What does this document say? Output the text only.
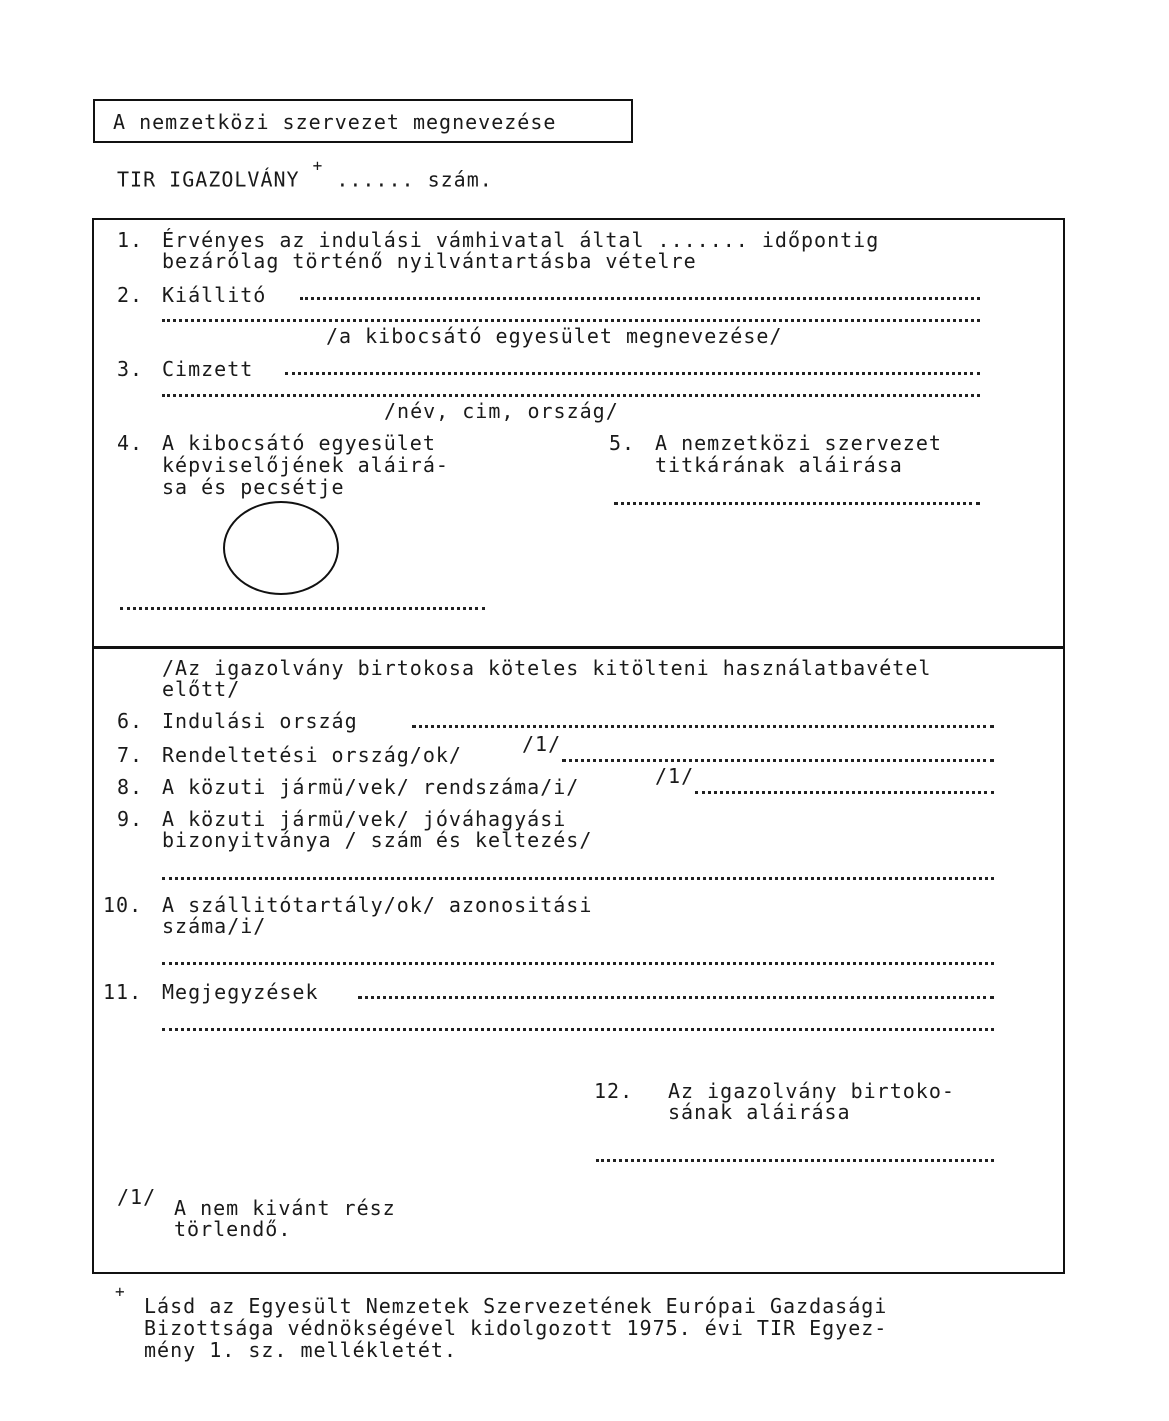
A nemzetközi szervezet megnevezése
TIR IGAZOLVÁNY + ...... szám.
1. Érvényes az indulási vámhivatal által ....... időpontig
bezárólag történő nyilvántartásba vételre
2. Kiállitó
/a kibocsátó egyesület megnevezése/
3. Cimzett
/név, cim, ország/
4. A kibocsátó egyesület
képviselőjének aláirá-
sa és pecsétje
5. A nemzetközi szervezet
titkárának aláirása
/Az igazolvány birtokosa köteles kitölteni használatbavétel
előtt/
6. Indulási ország
7. Rendeltetési ország/ok/	/1/
8. A közuti jármü/vek/ rendszáma/i/	/1/
9. A közuti jármü/vek/ jóváhagyási
bizonyitványa / szám és keltezés/
10. A szállitótartály/ok/ azonositási
száma/i/
11. Megjegyzések
12. Az igazolvány birtoko-
sának aláirása
/1/ A nem kivánt rész
törlendő.
+
Lásd az Egyesült Nemzetek Szervezetének Európai Gazdasági
Bizottsága védnökségével kidolgozott 1975. évi TIR Egyez-
mény 1. sz. mellékletét.
